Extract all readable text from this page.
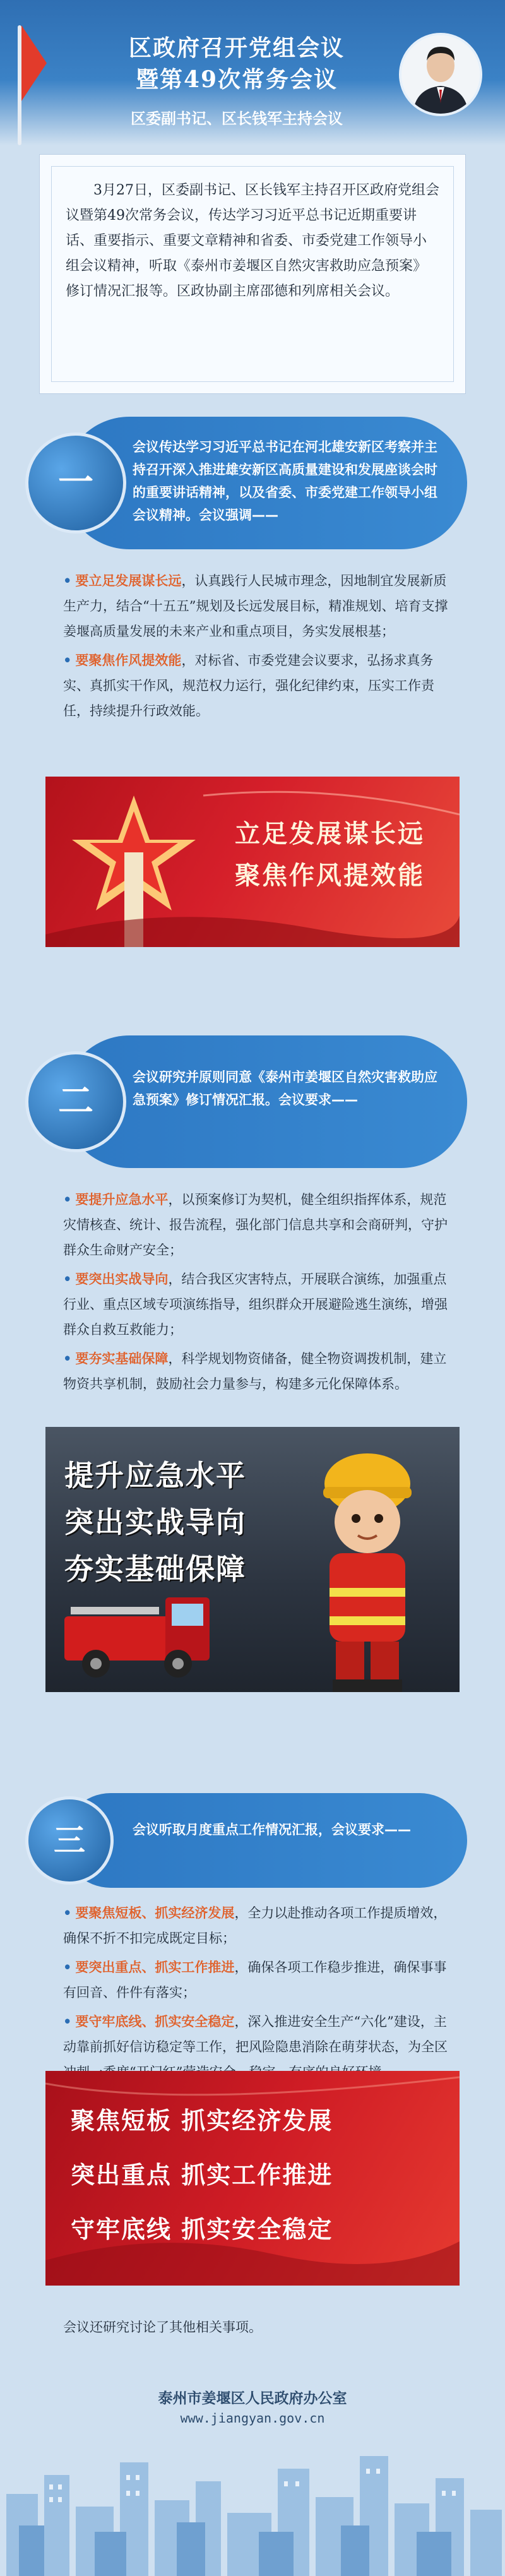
区政府召开党组会议
暨第49次常务会议
区委副书记、区长钱军主持会议
3月27日，区委副书记、区长钱军主持召开区政府党组会议暨第49次常务会议，传达学习习近平总书记近期重要讲话、重要指示、重要文章精神和省委、市委党建工作领导小组会议精神，听取《泰州市姜堰区自然灾害救助应急预案》修订情况汇报等。区政协副主席邵德和列席相关会议。
会议传达学习习近平总书记在河北雄安新区考察并主持召开深入推进雄安新区高质量建设和发展座谈会时的重要讲话精神，以及省委、市委党建工作领导小组会议精神。会议强调——
一

• 要立足发展谋长远，认真践行人民城市理念，因地制宜发展新质生产力，结合“十五五”规划及长远发展目标，精准规划、培育支撑姜堰高质量发展的未来产业和重点项目，务实发展根基；

• 要聚焦作风提效能，对标省、市委党建会议要求，弘扬求真务实、真抓实干作风，规范权力运行，强化纪律约束，压实工作责任，持续提升行政效能。

立足发展谋长远
聚焦作风提效能
会议研究并原则同意《泰州市姜堰区自然灾害救助应急预案》修订情况汇报。会议要求——
二

• 要提升应急水平，以预案修订为契机，健全组织指挥体系，规范灾情核查、统计、报告流程，强化部门信息共享和会商研判，守护群众生命财产安全；

• 要突出实战导向，结合我区灾害特点，开展联合演练，加强重点行业、重点区域专项演练指导，组织群众开展避险逃生演练，增强群众自救互救能力；

• 要夯实基础保障，科学规划物资储备，健全物资调拨机制，建立物资共享机制，鼓励社会力量参与，构建多元化保障体系。

提升应急水平
突出实战导向
夯实基础保障
会议听取月度重点工作情况汇报，会议要求——
三

• 要聚焦短板、抓实经济发展，全力以赴推动各项工作提质增效，确保不折不扣完成既定目标；

• 要突出重点、抓实工作推进，确保各项工作稳步推进，确保事事有回音、件件有落实；

• 要守牢底线、抓实安全稳定，深入推进安全生产“六化”建设，主动靠前抓好信访稳定等工作，把风险隐患消除在萌芽状态，为全区

聚焦短板 抓实经济发展
突出重点 抓实工作推进
守牢底线 抓实安全稳定
会议还研究讨论了其他相关事项。
泰州市姜堰区人民政府办公室
www.jiangyan.gov.cn
